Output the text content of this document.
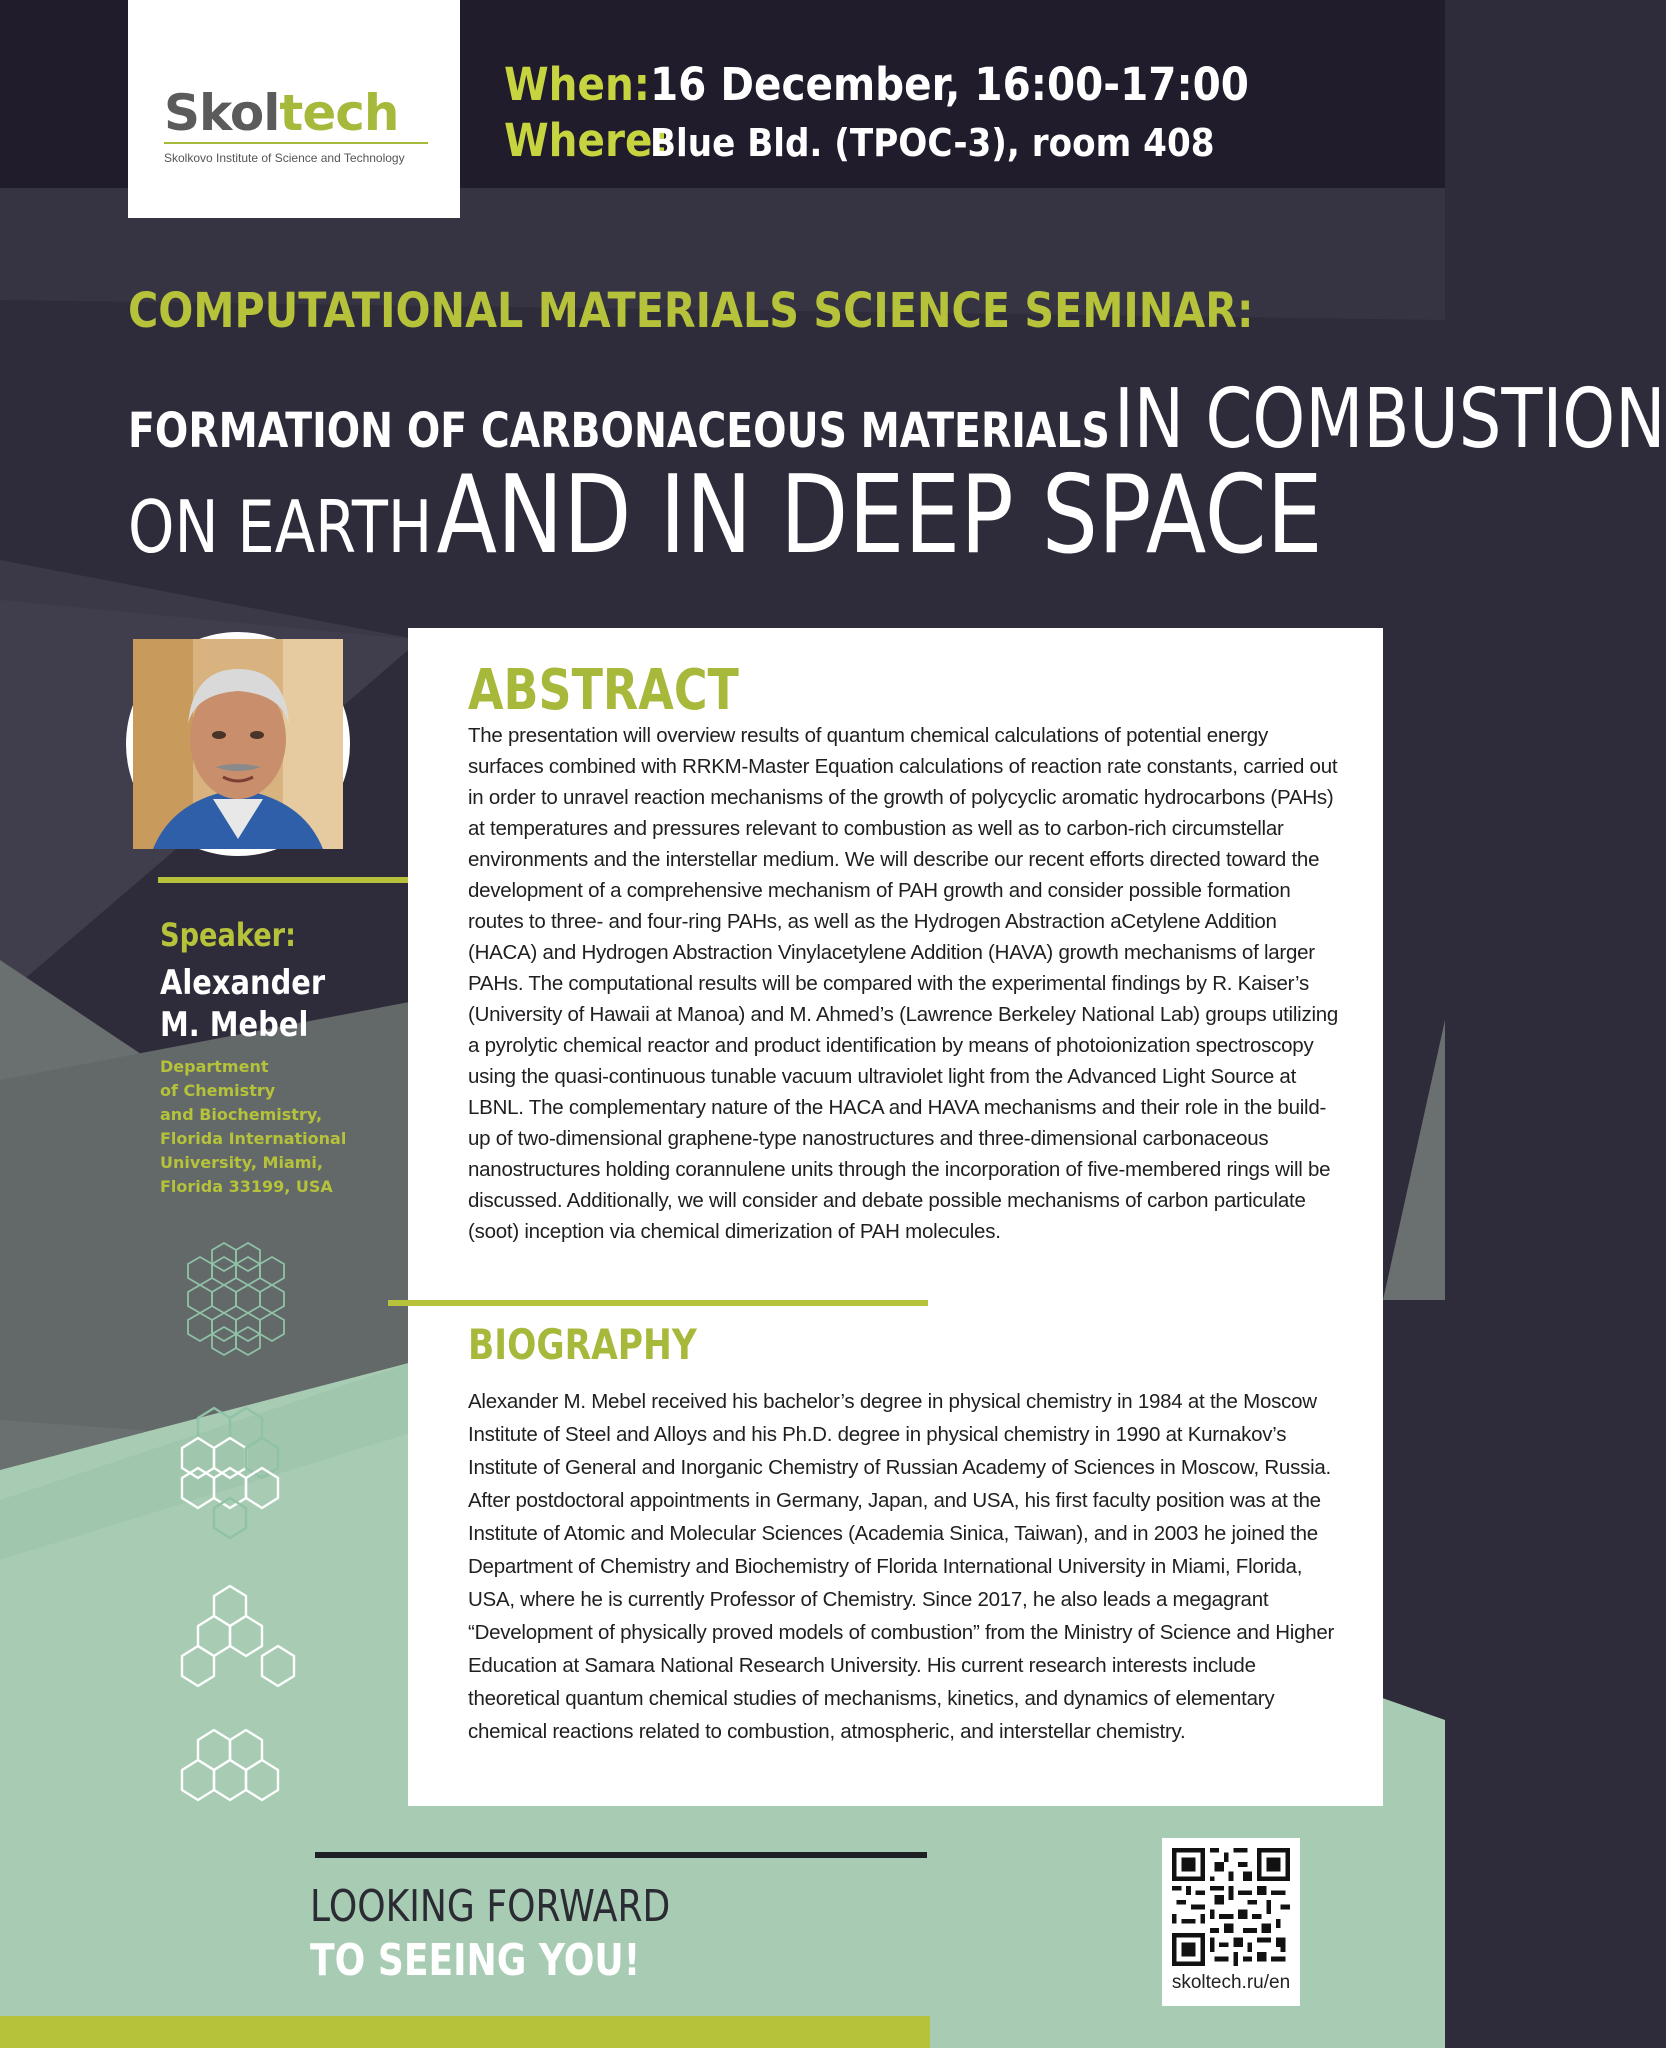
Skoltech
Skolkovo Institute of Science and Technology
When:16 December, 16:00-17:00
Where:Blue Bld. (TPOC-3), room 408
COMPUTATIONAL MATERIALS SCIENCE SEMINAR:
FORMATION OF CARBONACEOUS MATERIALS IN COMBUSTION
ON EARTH AND IN DEEP SPACE
Speaker:
Alexander
M. Mebel
Department
of Chemistry
and Biochemistry,
Florida International
University, Miami,
Florida 33199, USA
ABSTRACT
The presentation will overview results of quantum chemical calculations of potential energy surfaces combined with RRKM-Master Equation calculations of reaction rate constants, carried out in order to unravel reaction mechanisms of the growth of polycyclic aromatic hydrocarbons (PAHs) at temperatures and pressures relevant to combustion as well as to carbon-rich circumstellar environments and the interstellar medium. We will describe our recent efforts directed toward the development of a comprehensive mechanism of PAH growth and consider possible formation routes to three- and four-ring PAHs, as well as the Hydrogen Abstraction aCetylene Addition (HACA) and Hydrogen Abstraction Vinylacetylene Addition (HAVA) growth mechanisms of larger PAHs. The computational results will be compared with the experimental findings by R. Kaiser’s (University of Hawaii at Manoa) and M. Ahmed’s (Lawrence Berkeley National Lab) groups utilizing a pyrolytic chemical reactor and product identification by means of photoionization spectroscopy using the quasi-continuous tunable vacuum ultraviolet light from the Advanced Light Source at LBNL. The complementary nature of the HACA and HAVA mechanisms and their role in the build-up of two-dimensional graphene-type nanostructures and three-dimensional carbonaceous nanostructures holding corannulene units through the incorporation of five-membered rings will be discussed. Additionally, we will consider and debate possible mechanisms of carbon particulate (soot) inception via chemical dimerization of PAH molecules.
BIOGRAPHY
Alexander M. Mebel received his bachelor’s degree in physical chemistry in 1984 at the Moscow Institute of Steel and Alloys and his Ph.D. degree in physical chemistry in 1990 at Kurnakov’s Institute of General and Inorganic Chemistry of Russian Academy of Sciences in Moscow, Russia. After postdoctoral appointments in Germany, Japan, and USA, his first faculty position was at the Institute of Atomic and Molecular Sciences (Academia Sinica, Taiwan), and in 2003 he joined the Department of Chemistry and Biochemistry of Florida International University in Miami, Florida, USA, where he is currently Professor of Chemistry. Since 2017, he also leads a megagrant “Development of physically proved models of combustion” from the Ministry of Science and Higher Education at Samara National Research University. His current research interests include theoretical quantum chemical studies of mechanisms, kinetics, and dynamics of elementary chemical reactions related to combustion, atmospheric, and interstellar chemistry.
LOOKING FORWARD
TO SEEING YOU!	skoltech.ru/en
